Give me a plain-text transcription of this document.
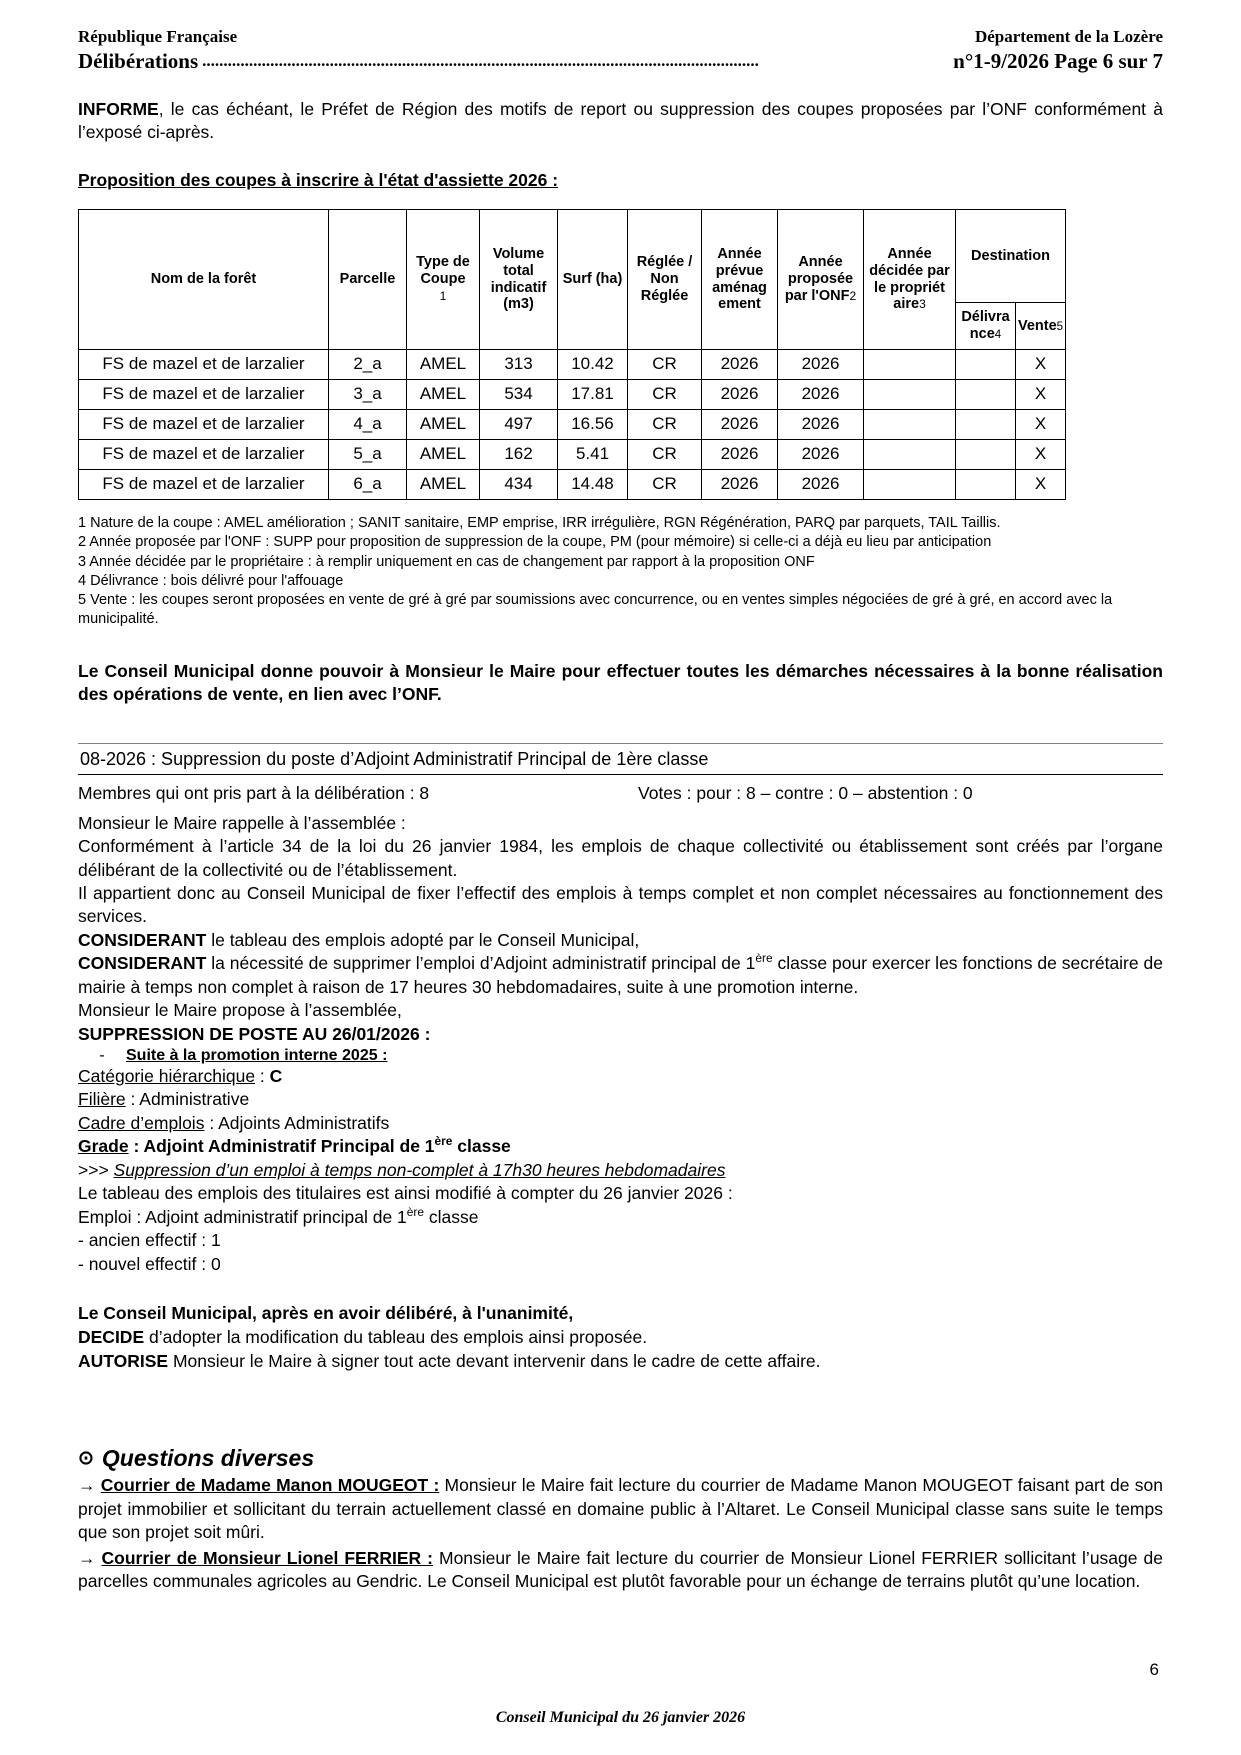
République Française	Département de la Lozère
Délibérations ...................................................................................................................................	n°1-9/2026 Page 6 sur 7
INFORME, le cas échéant, le Préfet de Région des motifs de report ou suppression des coupes proposées par l’ONF conformément à l’exposé ci-après.
Proposition des coupes à inscrire à l'état d'assiette 2026 :
Nom de la forêt	Parcelle	Type de Coupe
1	Volume total indicatif (m3)	Surf (ha)	Réglée / Non Réglée	Année prévue aménag ement	Année proposée par l'ONF2	Année décidée par le propriét aire3	Destination	
									Délivra nce4	Vente5
FS de mazel et de larzalier	2_a	AMEL	313	10.42	CR	2026	2026			X
FS de mazel et de larzalier	3_a	AMEL	534	17.81	CR	2026	2026			X
FS de mazel et de larzalier	4_a	AMEL	497	16.56	CR	2026	2026			X
FS de mazel et de larzalier	5_a	AMEL	162	5.41	CR	2026	2026			X
FS de mazel et de larzalier	6_a	AMEL	434	14.48	CR	2026	2026			X
1 Nature de la coupe : AMEL amélioration ; SANIT sanitaire, EMP emprise, IRR irrégulière, RGN Régénération, PARQ par parquets, TAIL Taillis.
2 Année proposée par l'ONF : SUPP pour proposition de suppression de la coupe, PM (pour mémoire) si celle-ci a déjà eu lieu par anticipation
3 Année décidée par le propriétaire : à remplir uniquement en cas de changement par rapport à la proposition ONF
4 Délivrance : bois délivré pour l'affouage
5 Vente : les coupes seront proposées en vente de gré à gré par soumissions avec concurrence, ou en ventes simples négociées de gré à gré, en accord avec la municipalité.
Le Conseil Municipal donne pouvoir à Monsieur le Maire pour effectuer toutes les démarches nécessaires à la bonne réalisation des opérations de vente, en lien avec l’ONF.
08-2026 : Suppression du poste d’Adjoint Administratif Principal de 1ère classe
Membres qui ont pris part à la délibération : 8	Votes : pour : 8 – contre : 0 – abstention : 0

Monsieur le Maire rappelle à l’assemblée :

Conformément à l’article 34 de la loi du 26 janvier 1984, les emplois de chaque collectivité ou établissement sont créés par l’organe délibérant de la collectivité ou de l’établissement.

Il appartient donc au Conseil Municipal de fixer l’effectif des emplois à temps complet et non complet nécessaires au fonctionnement des services.

CONSIDERANT le tableau des emplois adopté par le Conseil Municipal,

CONSIDERANT la nécessité de supprimer l’emploi d’Adjoint administratif principal de 1ère classe pour exercer les fonctions de secrétaire de mairie à temps non complet à raison de 17 heures 30 hebdomadaires, suite à une promotion interne.

Monsieur le Maire propose à l’assemblée,

SUPPRESSION DE POSTE AU 26/01/2026 :

-	Suite à la promotion interne 2025 :

Catégorie hiérarchique : C

Filière : Administrative

Cadre d’emplois : Adjoints Administratifs

Grade : Adjoint Administratif Principal de 1ère classe

>>> Suppression d’un emploi à temps non-complet à 17h30 heures hebdomadaires

Le tableau des emplois des titulaires est ainsi modifié à compter du 26 janvier 2026 :

Emploi : Adjoint administratif principal de 1ère classe

- ancien effectif : 1

- nouvel effectif : 0

Le Conseil Municipal, après en avoir délibéré, à l'unanimité,

DECIDE d’adopter la modification du tableau des emplois ainsi proposée.

AUTORISE Monsieur le Maire à signer tout acte devant intervenir dans le cadre de cette affaire.

⊙ Questions diverses

→ Courrier de Madame Manon MOUGEOT : Monsieur le Maire fait lecture du courrier de Madame Manon MOUGEOT faisant part de son projet immobilier et sollicitant du terrain actuellement classé en domaine public à l’Altaret. Le Conseil Municipal classe sans suite le temps que son projet soit mûri.

→ Courrier de Monsieur Lionel FERRIER : Monsieur le Maire fait lecture du courrier de Monsieur Lionel FERRIER sollicitant l’usage de parcelles communales agricoles au Gendric. Le Conseil Municipal est plutôt favorable pour un échange de terrains plutôt qu’une location.

6
Conseil Municipal du 26 janvier 2026
